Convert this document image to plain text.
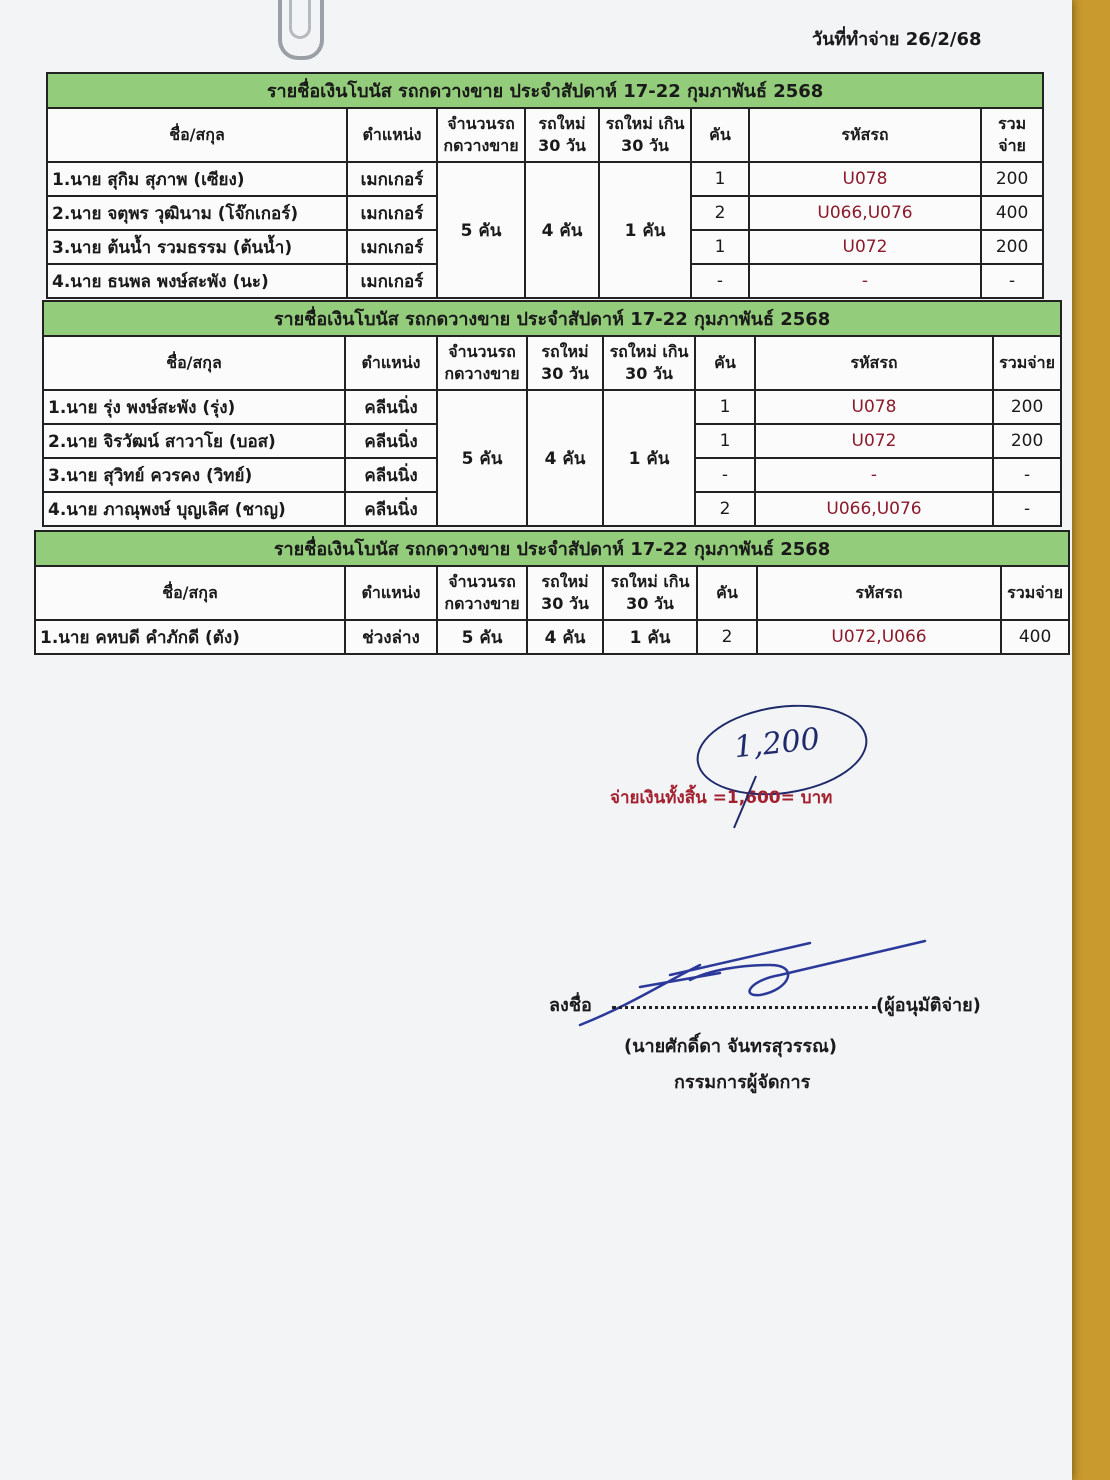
วันที่ทำจ่าย 26/2/68
รายชื่อเงินโบนัส รถกดวางขาย ประจำสัปดาห์ 17-22 กุมภาพันธ์ 2568							
ชื่อ/สกุล	ตำแหน่ง	จำนวนรถ กดวางขาย	รถใหม่ 30 วัน	รถใหม่ เกิน 30 วัน	คัน	รหัสรถ	รวมจ่าย
1.นาย สุกิม สุภาพ (เซียง)	เมกเกอร์	5 คัน	4 คัน	1 คัน	1	U078	200
2.นาย จตุพร วุฒินาม (โจ๊กเกอร์)	เมกเกอร์				2	U066,U076	400
3.นาย ต้นน้ำ รวมธรรม (ต้นน้ำ)	เมกเกอร์				1	U072	200
4.นาย ธนพล พงษ์สะพัง (นะ)	เมกเกอร์				-	-	-
รายชื่อเงินโบนัส รถกดวางขาย ประจำสัปดาห์ 17-22 กุมภาพันธ์ 2568							
ชื่อ/สกุล	ตำแหน่ง	จำนวนรถ กดวางขาย	รถใหม่ 30 วัน	รถใหม่ เกิน 30 วัน	คัน	รหัสรถ	รวมจ่าย
1.นาย รุ่ง พงษ์สะพัง (รุ่ง)	คลีนนิ่ง	5 คัน	4 คัน	1 คัน	1	U078	200
2.นาย จิรวัฒน์ สาวาโย (บอส)	คลีนนิ่ง				1	U072	200
3.นาย สุวิทย์ ควรคง (วิทย์)	คลีนนิ่ง				-	-	-
4.นาย ภาณุพงษ์ บุญเลิศ (ชาญ)	คลีนนิ่ง				2	U066,U076	-
รายชื่อเงินโบนัส รถกดวางขาย ประจำสัปดาห์ 17-22 กุมภาพันธ์ 2568							
ชื่อ/สกุล	ตำแหน่ง	จำนวนรถ กดวางขาย	รถใหม่ 30 วัน	รถใหม่ เกิน 30 วัน	คัน	รหัสรถ	รวมจ่าย
1.นาย คหบดี คำภักดี (ตัง)	ช่วงล่าง	5 คัน	4 คัน	1 คัน	2	U072,U066	400
1,200
จ่ายเงินทั้งสิ้น =1,600= บาท
ลงชื่อ	(ผู้อนุมัติจ่าย)
(นายศักดิ์ดา จันทรสุวรรณ)
กรรมการผู้จัดการ
